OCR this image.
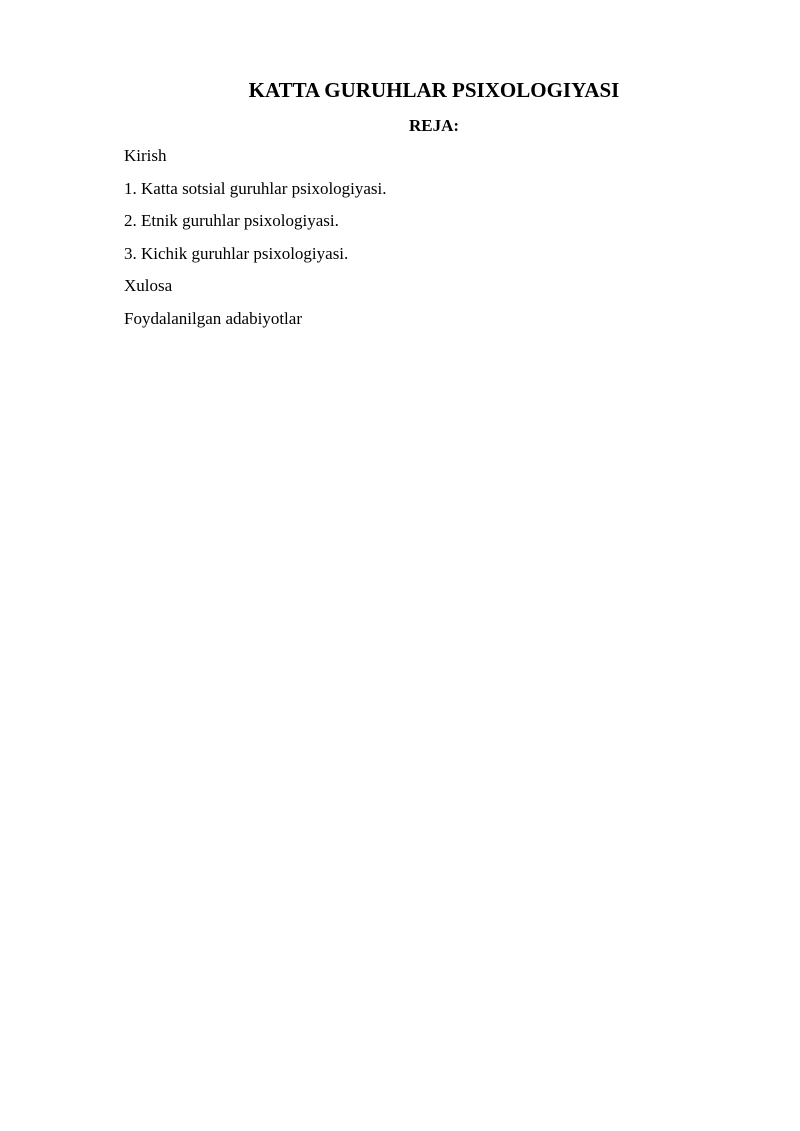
KATTA GURUHLAR PSIXOLOGIYASI
REJA:
Kirish
1. Katta sotsial guruhlar psixologiyasi.
2. Etnik guruhlar psixologiyasi.
3. Kichik guruhlar psixologiyasi.
Xulosa
Foydalanilgan adabiyotlar
